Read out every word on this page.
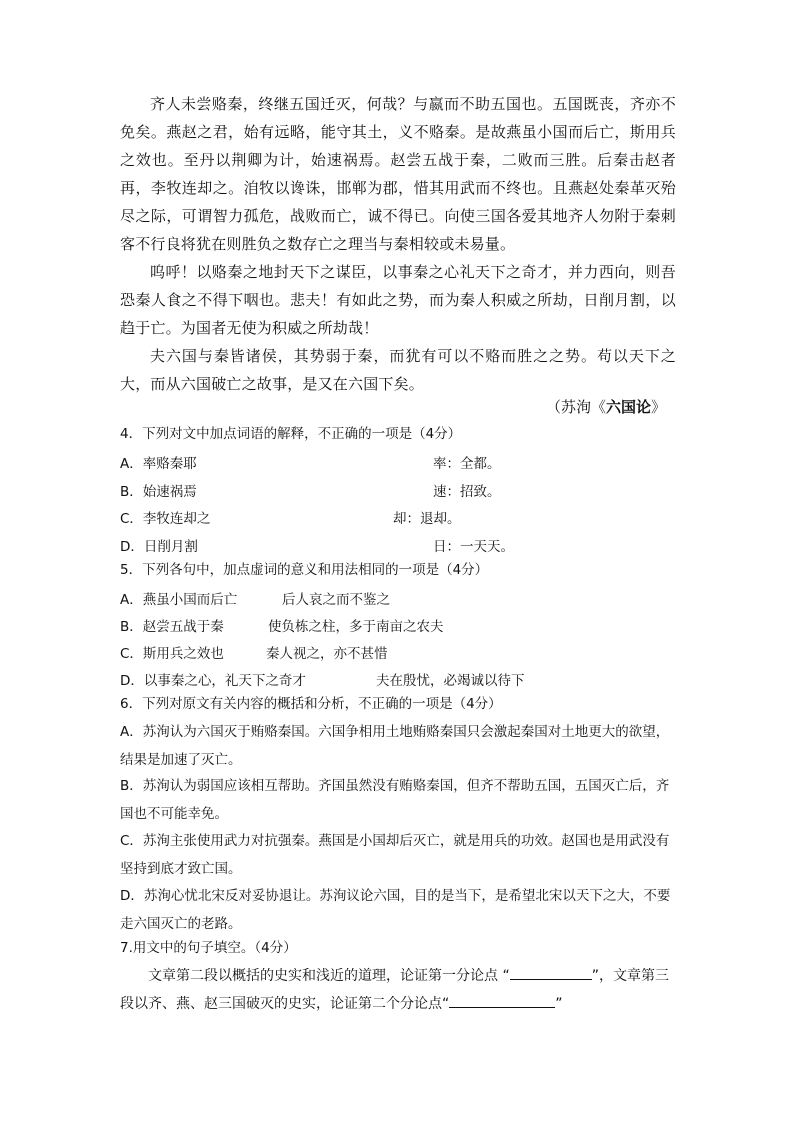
齐人未尝赂秦，终继五国迁灭，何哉？与嬴而不助五国也。五国既丧，齐亦不免矣。燕赵之君，始有远略，能守其土，义不赂秦。是故燕虽小国而后亡，斯用兵之效也。至丹以荆卿为计，始速祸焉。赵尝五战于秦，二败而三胜。后秦击赵者再，李牧连却之。洎牧以谗诛，邯郸为郡，惜其用武而不终也。且燕赵处秦革灭殆尽之际，可谓智力孤危，战败而亡，诚不得已。向使三国各爱其地齐人勿附于秦刺客不行良将犹在则胜负之数存亡之理当与秦相较或未易量。

呜呼！以赂秦之地封天下之谋臣，以事秦之心礼天下之奇才，并力西向，则吾恐秦人食之不得下咽也。悲夫！有如此之势，而为秦人积威之所劫，日削月割，以趋于亡。为国者无使为积威之所劫哉！

夫六国与秦皆诸侯，其势弱于秦，而犹有可以不赂而胜之之势。苟以天下之大，而从六国破亡之故事，是又在六国下矣。

（苏洵《六国论》
4．下列对文中加点词语的解释，不正确的一项是（4分）
A．率赂秦耶	率：全都。
B．始速祸焉	速：招致。
C．李牧连却之	却：退却。
D．日削月割	日：一天天。
5．下列各句中，加点虚词的意义和用法相同的一项是（4分）
A．燕虽小国而后亡	后人哀之而不鉴之
B．赵尝五战于秦	使负栋之柱，多于南亩之农夫
C．斯用兵之效也	秦人视之，亦不甚惜
D．以事秦之心，礼天下之奇才	夫在殷忧，必竭诚以待下
6．下列对原文有关内容的概括和分析，不正确的一项是（4分）

A．苏洵认为六国灭于贿赂秦国。六国争相用土地贿赂秦国只会激起秦国对土地更大的欲望，结果是加速了灭亡。

B．苏洵认为弱国应该相互帮助。齐国虽然没有贿赂秦国，但齐不帮助五国，五国灭亡后，齐国也不可能幸免。

C．苏洵主张使用武力对抗强秦。燕国是小国却后灭亡，就是用兵的功效。赵国也是用武没有坚持到底才致亡国。

D．苏洵心忧北宋反对妥协退让。苏洵议论六国，目的是当下，是希望北宋以天下之大，不要走六国灭亡的老路。

7.用文中的句子填空。（4分）

文章第二段以概括的史实和浅近的道理，论证第一分论点 “	”，文章第三段以齐、燕、赵三国破灭的史实，论证第二个分论点“	”
